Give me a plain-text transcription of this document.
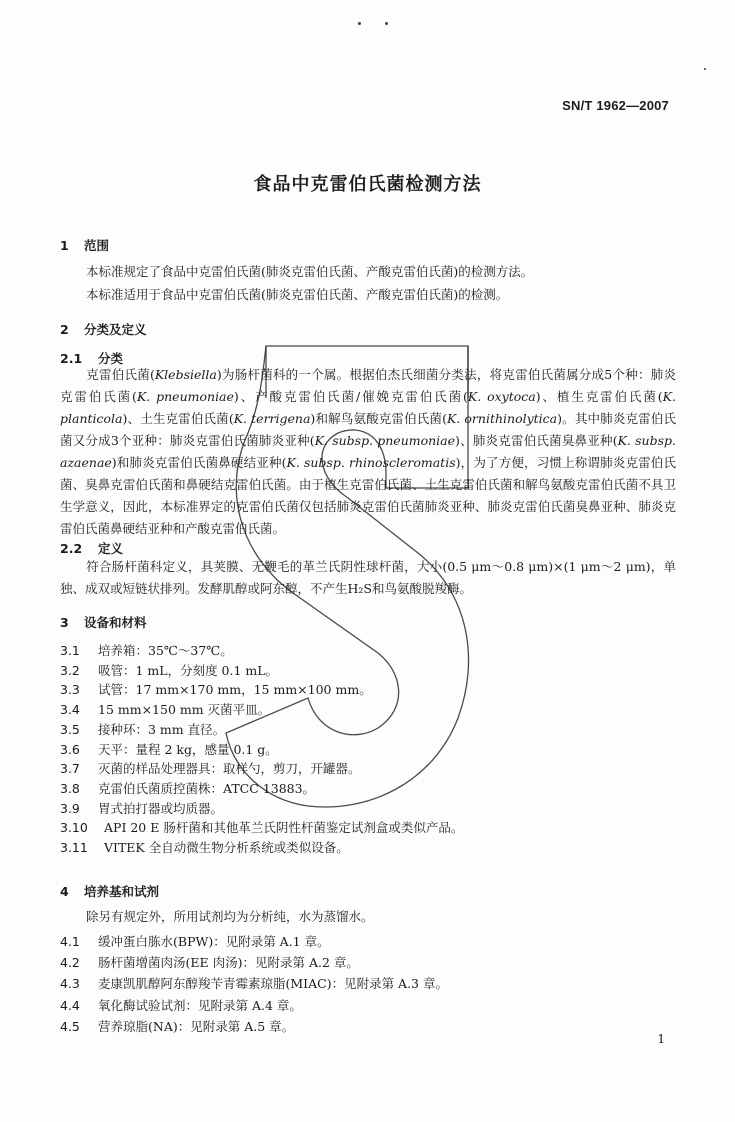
SN/T 1962—2007
食品中克雷伯氏菌检测方法
1 范围
本标准规定了食品中克雷伯氏菌(肺炎克雷伯氏菌、产酸克雷伯氏菌)的检测方法。
本标准适用于食品中克雷伯氏菌(肺炎克雷伯氏菌、产酸克雷伯氏菌)的检测。
2 分类及定义
2.1 分类
克雷伯氏菌(Klebsiella)为肠杆菌科的一个属。根据伯杰氏细菌分类法，将克雷伯氏菌属分成5个种：肺炎克雷伯氏菌(K. pneumoniae)、产酸克雷伯氏菌/催娩克雷伯氏菌(K. oxytoca)、植生克雷伯氏菌(K. planticola)、土生克雷伯氏菌(K. terrigena)和解鸟氨酸克雷伯氏菌(K. ornithinolytica)。其中肺炎克雷伯氏菌又分成3个亚种：肺炎克雷伯氏菌肺炎亚种(K. subsp. pneumoniae)、肺炎克雷伯氏菌臭鼻亚种(K. subsp. azaenae)和肺炎克雷伯氏菌鼻硬结亚种(K. subsp. rhinoscleromatis)，为了方便，习惯上称谓肺炎克雷伯氏菌、臭鼻克雷伯氏菌和鼻硬结克雷伯氏菌。由于植生克雷伯氏菌、土生克雷伯氏菌和解鸟氨酸克雷伯氏菌不具卫生学意义，因此，本标准界定的克雷伯氏菌仅包括肺炎克雷伯氏菌肺炎亚种、肺炎克雷伯氏菌臭鼻亚种、肺炎克雷伯氏菌鼻硬结亚种和产酸克雷伯氏菌。
2.2 定义
符合肠杆菌科定义，具荚膜、无鞭毛的革兰氏阴性球杆菌，大小(0.5 μm～0.8 μm)×(1 μm～2 μm)，单独、成双或短链状排列。发酵肌醇或阿东醇，不产生H₂S和鸟氨酸脱羧酶。
3 设备和材料
3.1 培养箱：35℃～37℃。
3.2 吸管：1 mL，分刻度 0.1 mL。
3.3 试管：17 mm×170 mm，15 mm×100 mm。
3.4 15 mm×150 mm 灭菌平皿。
3.5 接种环：3 mm 直径。
3.6 天平：量程 2 kg，感量 0.1 g。
3.7 灭菌的样品处理器具：取样勺，剪刀，开罐器。
3.8 克雷伯氏菌质控菌株：ATCC 13883。
3.9 胃式拍打器或均质器。
3.10 API 20 E 肠杆菌和其他革兰氏阴性杆菌鉴定试剂盒或类似产品。
3.11 VITEK 全自动微生物分析系统或类似设备。
4 培养基和试剂
除另有规定外，所用试剂均为分析纯，水为蒸馏水。
4.1 缓冲蛋白胨水(BPW)：见附录第 A.1 章。
4.2 肠杆菌增菌肉汤(EE 肉汤)：见附录第 A.2 章。
4.3 麦康凯肌醇阿东醇羧苄青霉素琼脂(MIAC)：见附录第 A.3 章。
4.4 氧化酶试验试剂：见附录第 A.4 章。
4.5 营养琼脂(NA)：见附录第 A.5 章。
1
